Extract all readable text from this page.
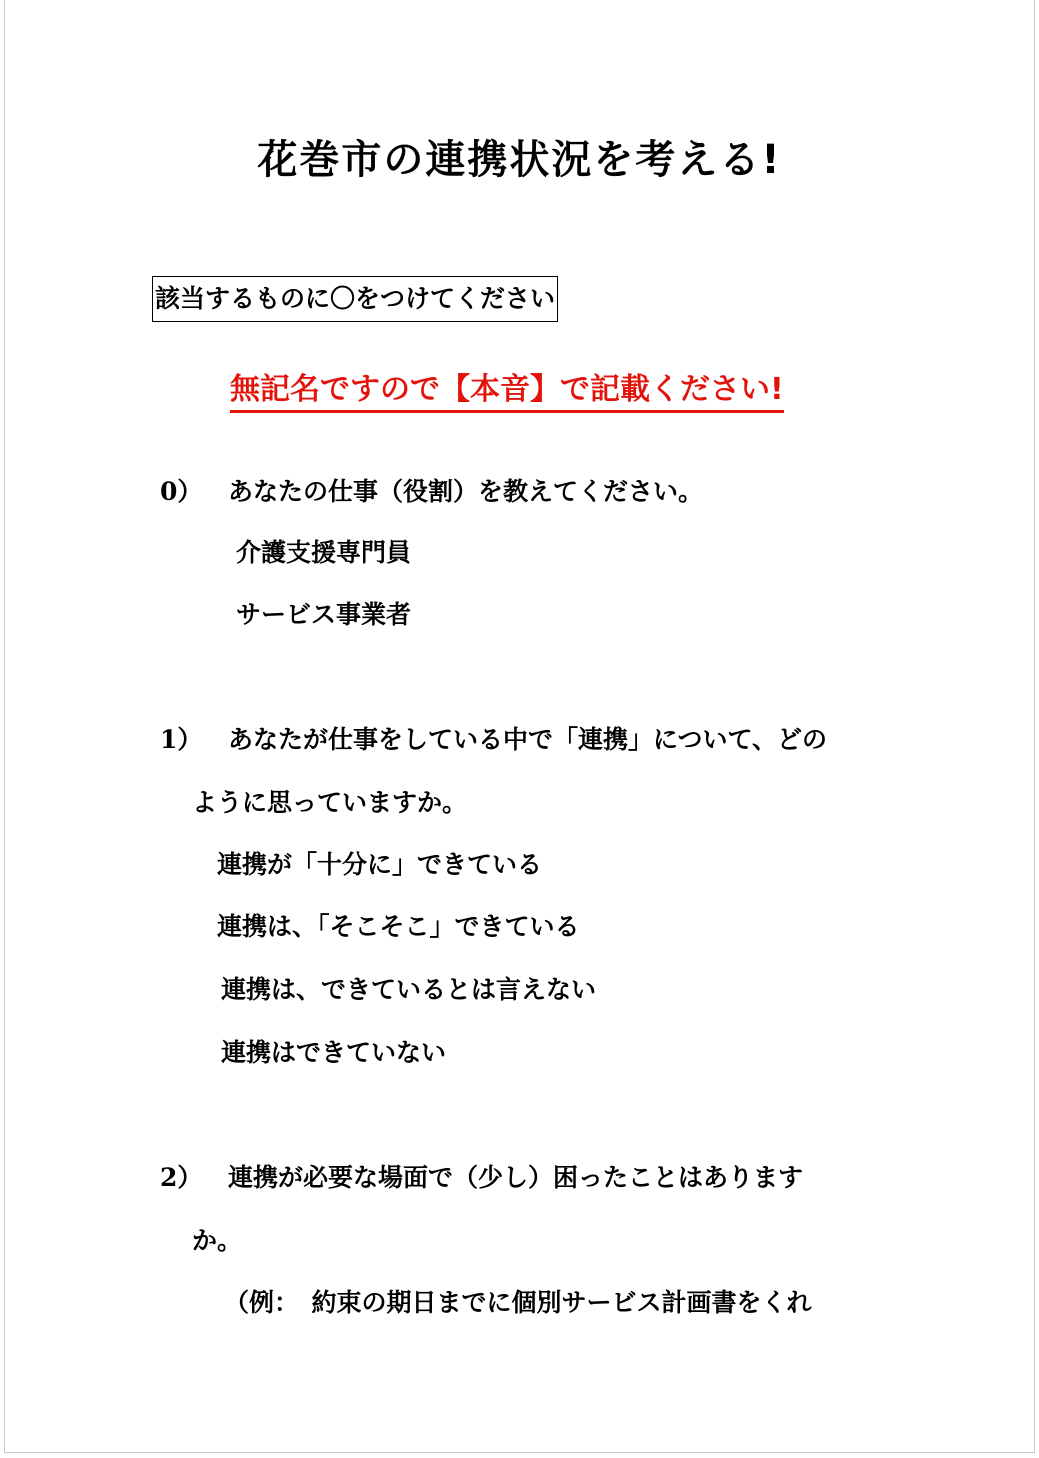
花巻市の連携状況を考える!
該当するものに〇をつけてください
無記名ですので【本音】で記載ください!
0） あなたの仕事（役割）を教えてください。
介護支援専門員
サービス事業者
1） あなたが仕事をしている中で「連携」について、どの
ように思っていますか。
連携が「十分に」できている
連携は、「そこそこ」できている
連携は、できているとは言えない
連携はできていない
2） 連携が必要な場面で（少し）困ったことはあります
か。
（例：　約束の期日までに個別サービス計画書をくれ
